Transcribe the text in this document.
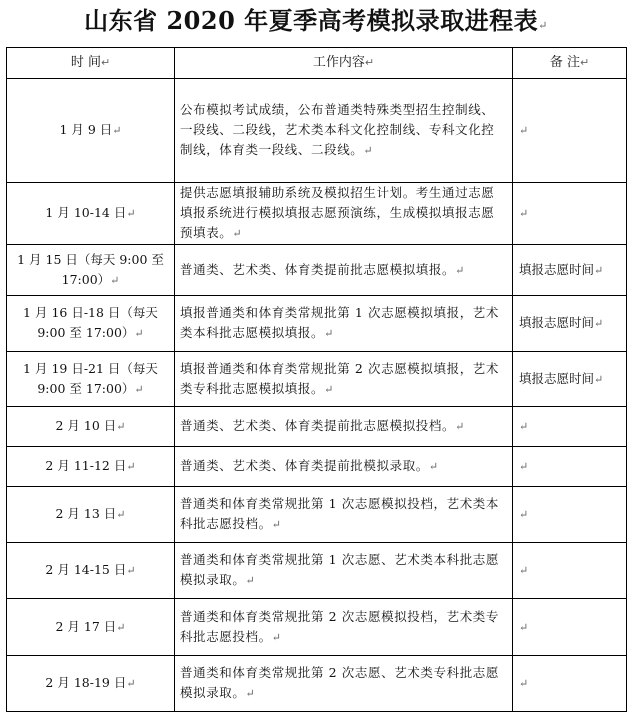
山东省 2020 年夏季高考模拟录取进程表↵
时 间↵	工作内容↵	备 注↵
1 月 9 日↵	公布模拟考试成绩，公布普通类特殊类型招生控制线、一段线、二段线，艺术类本科文化控制线、专科文化控制线，体育类一段线、二段线。↵	↵
1 月 10-14 日↵	提供志愿填报辅助系统及模拟招生计划。考生通过志愿填报系统进行模拟填报志愿预演练，生成模拟填报志愿预填表。↵	↵
1 月 15 日（每天 9:00 至 17:00）↵	普通类、艺术类、体育类提前批志愿模拟填报。↵	填报志愿时间↵
1 月 16 日-18 日（每天 9:00 至 17:00）↵	填报普通类和体育类常规批第 1 次志愿模拟填报，艺术类本科批志愿模拟填报。↵	填报志愿时间↵
1 月 19 日-21 日（每天 9:00 至 17:00）↵	填报普通类和体育类常规批第 2 次志愿模拟填报，艺术类专科批志愿模拟填报。↵	填报志愿时间↵
2 月 10 日↵	普通类、艺术类、体育类提前批志愿模拟投档。↵	↵
2 月 11-12 日↵	普通类、艺术类、体育类提前批模拟录取。↵	↵
2 月 13 日↵	普通类和体育类常规批第 1 次志愿模拟投档，艺术类本科批志愿投档。↵	↵
2 月 14-15 日↵	普通类和体育类常规批第 1 次志愿、艺术类本科批志愿模拟录取。↵	↵
2 月 17 日↵	普通类和体育类常规批第 2 次志愿模拟投档，艺术类专科批志愿投档。↵	↵
2 月 18-19 日↵	普通类和体育类常规批第 2 次志愿、艺术类专科批志愿模拟录取。↵	↵
